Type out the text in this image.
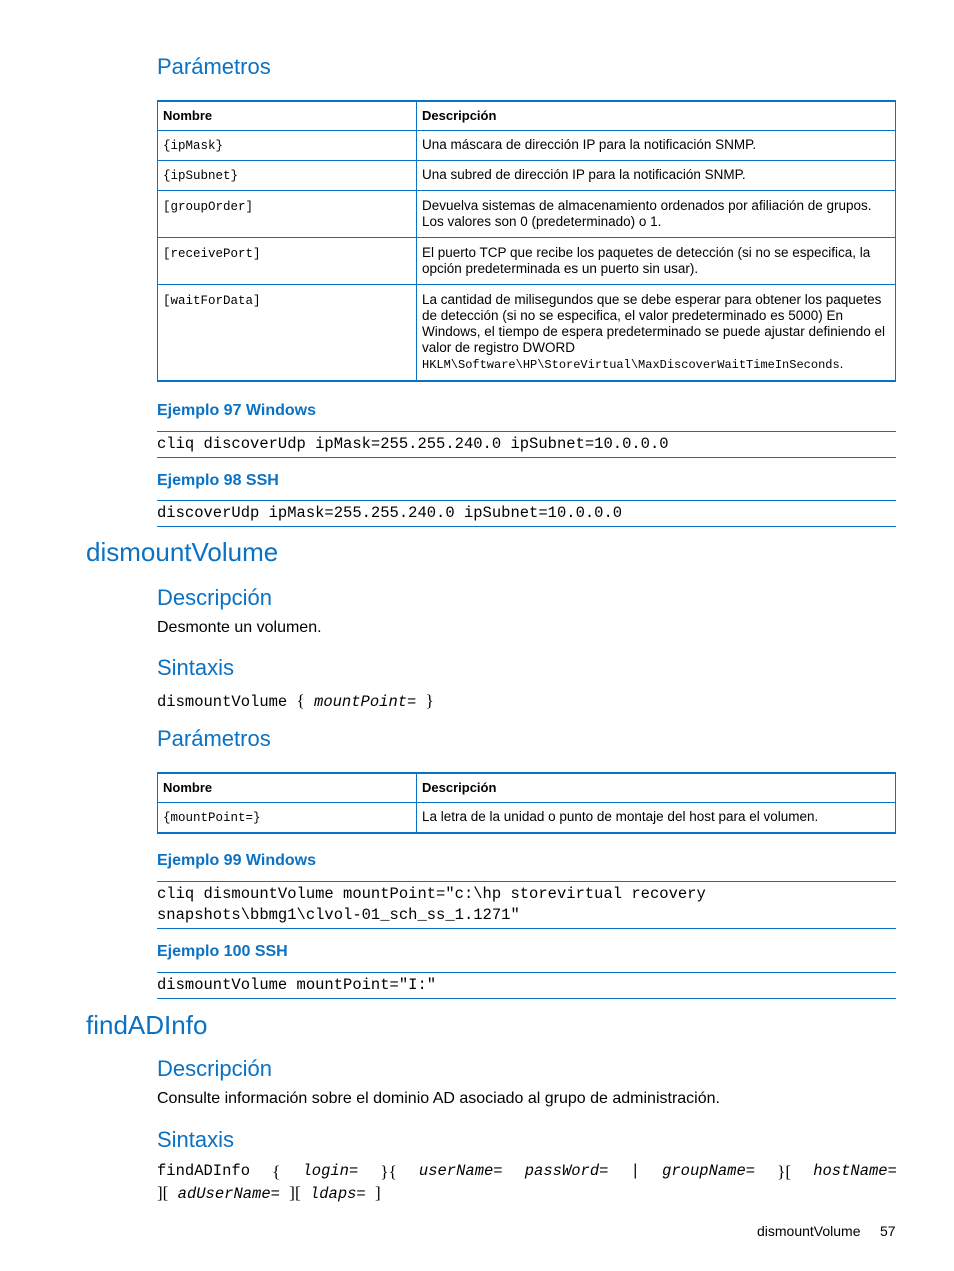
Parámetros
Nombre	Descripción
{ipMask}	Una máscara de dirección IP para la notificación SNMP.
{ipSubnet}	Una subred de dirección IP para la notificación SNMP.
[groupOrder]	Devuelva sistemas de almacenamiento ordenados por afiliación de grupos. Los valores son 0 (predeterminado) o 1.
[receivePort]	El puerto TCP que recibe los paquetes de detección (si no se especifica, la opción predeterminada es un puerto sin usar).
[waitForData]	La cantidad de milisegundos que se debe esperar para obtener los paquetes de detección (si no se especifica, el valor predeterminado es 5000) En Windows, el tiempo de espera predeterminado se puede ajustar definiendo el valor de registro DWORD HKLM\Software\HP\StoreVirtual\MaxDiscoverWaitTimeInSeconds.
Ejemplo 97 Windows
cliq discoverUdp ipMask=255.255.240.0 ipSubnet=10.0.0.0
Ejemplo 98 SSH
discoverUdp ipMask=255.255.240.0 ipSubnet=10.0.0.0
dismountVolume
Descripción
Desmonte un volumen.
Sintaxis
dismountVolume { mountPoint= }
Parámetros
Nombre	Descripción
{mountPoint=}	La letra de la unidad o punto de montaje del host para el volumen.
Ejemplo 99 Windows
cliq dismountVolume mountPoint="c:\hp storevirtual recovery
snapshots\bbmg1\clvol-01_sch_ss_1.1271"
Ejemplo 100 SSH
dismountVolume mountPoint="I:"
findADInfo
Descripción
Consulte información sobre el dominio AD asociado al grupo de administración.
Sintaxis
findADInfo { login= }{ userName= passWord= | groupName= }[ hostName=
][ adUserName= ][ ldaps= ]
dismountVolume 57
